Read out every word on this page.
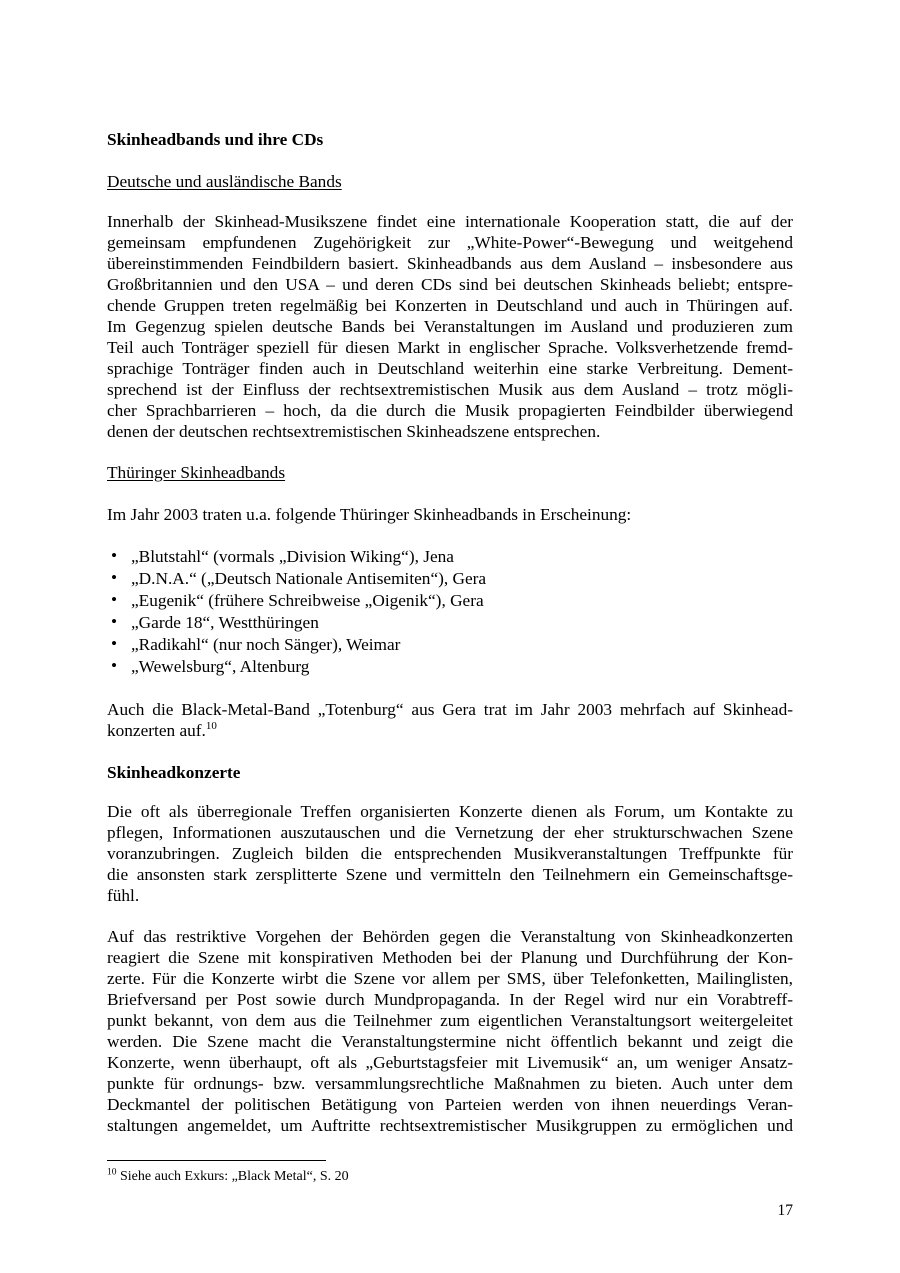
Skinheadbands und ihre CDs
Deutsche und ausländische Bands
Innerhalb der Skinhead-Musikszene findet eine internationale Kooperation statt, die auf der
gemeinsam empfundenen Zugehörigkeit zur „White-Power“-Bewegung und weitgehend
übereinstimmenden Feindbildern basiert. Skinheadbands aus dem Ausland – insbesondere aus
Großbritannien und den USA – und deren CDs sind bei deutschen Skinheads beliebt; entspre-
chende Gruppen treten regelmäßig bei Konzerten in Deutschland und auch in Thüringen auf.
Im Gegenzug spielen deutsche Bands bei Veranstaltungen im Ausland und produzieren zum
Teil auch Tonträger speziell für diesen Markt in englischer Sprache. Volksverhetzende fremd-
sprachige Tonträger finden auch in Deutschland weiterhin eine starke Verbreitung. Dement-
sprechend ist der Einfluss der rechtsextremistischen Musik aus dem Ausland – trotz mögli-
cher Sprachbarrieren – hoch, da die durch die Musik propagierten Feindbilder überwiegend
denen der deutschen rechtsextremistischen Skinheadszene entsprechen.
Thüringer Skinheadbands
Im Jahr 2003 traten u.a. folgende Thüringer Skinheadbands in Erscheinung:
• „Blutstahl“ (vormals „Division Wiking“), Jena
• „D.N.A.“ („Deutsch Nationale Antisemiten“), Gera
• „Eugenik“ (frühere Schreibweise „Oigenik“), Gera
• „Garde 18“, Westthüringen
• „Radikahl“ (nur noch Sänger), Weimar
• „Wewelsburg“, Altenburg
Auch die Black-Metal-Band „Totenburg“ aus Gera trat im Jahr 2003 mehrfach auf Skinhead-
konzerten auf.$^{10}$
Skinheadkonzerte
Die oft als überregionale Treffen organisierten Konzerte dienen als Forum, um Kontakte zu
pflegen, Informationen auszutauschen und die Vernetzung der eher strukturschwachen Szene
voranzubringen. Zugleich bilden die entsprechenden Musikveranstaltungen Treffpunkte für
die ansonsten stark zersplitterte Szene und vermitteln den Teilnehmern ein Gemeinschaftsge-
fühl.
Auf das restriktive Vorgehen der Behörden gegen die Veranstaltung von Skinheadkonzerten
reagiert die Szene mit konspirativen Methoden bei der Planung und Durchführung der Kon-
zerte. Für die Konzerte wirbt die Szene vor allem per SMS, über Telefonketten, Mailinglisten,
Briefversand per Post sowie durch Mundpropaganda. In der Regel wird nur ein Vorabtreff-
punkt bekannt, von dem aus die Teilnehmer zum eigentlichen Veranstaltungsort weitergeleitet
werden. Die Szene macht die Veranstaltungstermine nicht öffentlich bekannt und zeigt die
Konzerte, wenn überhaupt, oft als „Geburtstagsfeier mit Livemusik“ an, um weniger Ansatz-
punkte für ordnungs- bzw. versammlungsrechtliche Maßnahmen zu bieten. Auch unter dem
Deckmantel der politischen Betätigung von Parteien werden von ihnen neuerdings Veran-
staltungen angemeldet, um Auftritte rechtsextremistischer Musikgruppen zu ermöglichen und
$^{10}$ Siehe auch Exkurs: „Black Metal“, S. 20
17
